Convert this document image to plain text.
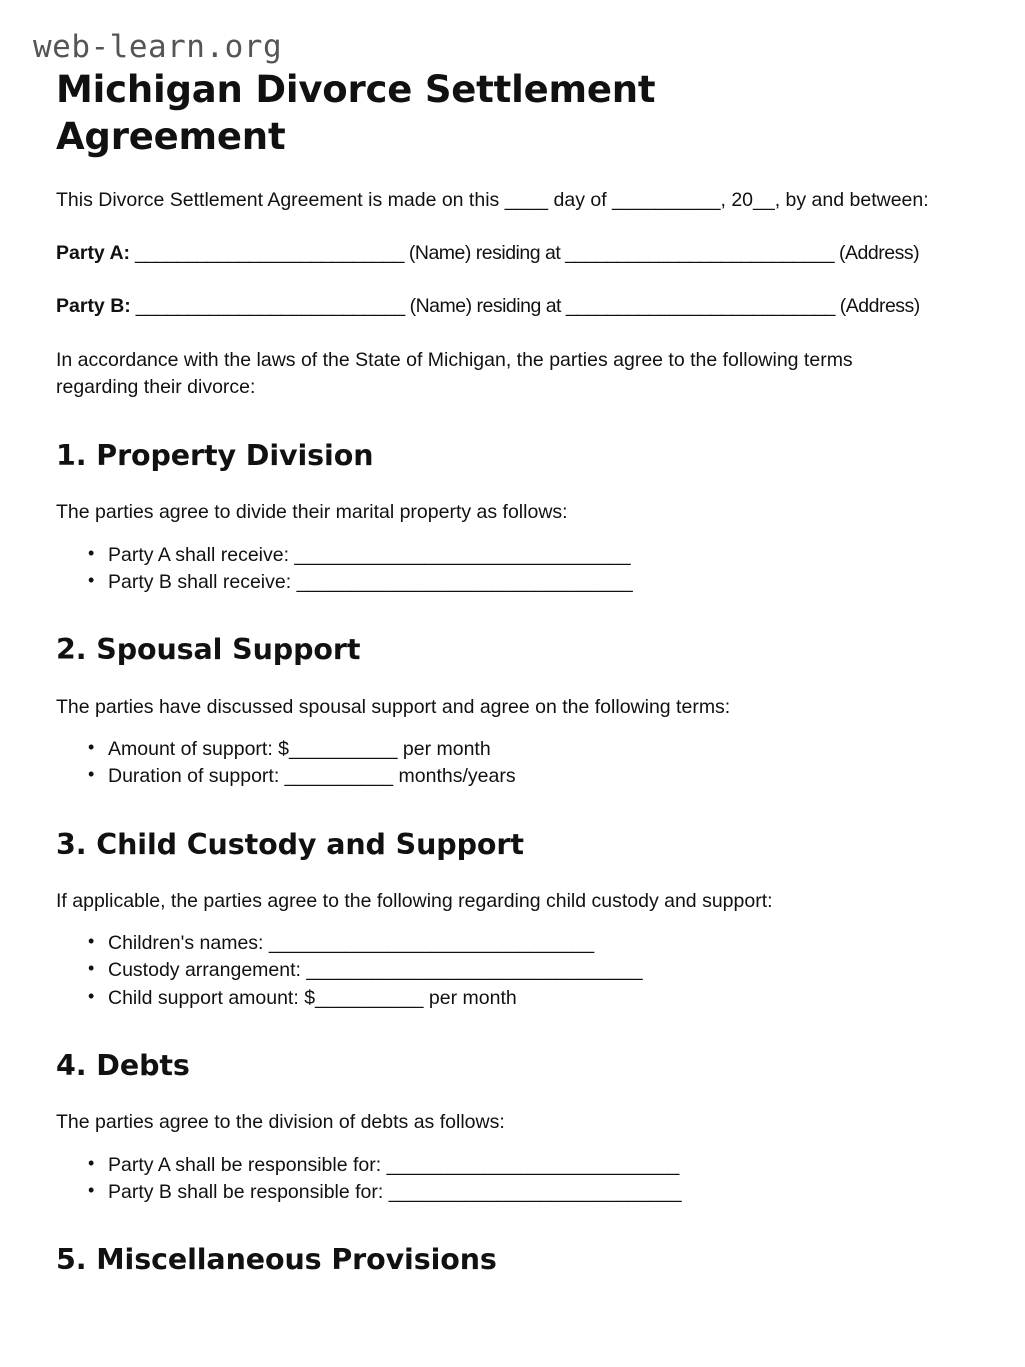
web-learn.org
Michigan Divorce Settlement Agreement

This Divorce Settlement Agreement is made on this ____ day of __________, 20__, by and between:

Party A: __________________________ (Name) residing at __________________________ (Address)

Party B: __________________________ (Name) residing at __________________________ (Address)

In accordance with the laws of the State of Michigan, the parties agree to the following terms regarding their divorce:

1. Property Division

The parties agree to divide their marital property as follows:

• Party A shall receive: _______________________________
• Party B shall receive: _______________________________
2. Spousal Support

The parties have discussed spousal support and agree on the following terms:

• Amount of support: $__________ per month
• Duration of support: __________ months/years
3. Child Custody and Support

If applicable, the parties agree to the following regarding child custody and support:

• Children's names: ______________________________
• Custody arrangement: _______________________________
• Child support amount: $__________ per month
4. Debts

The parties agree to the division of debts as follows:

• Party A shall be responsible for: ___________________________
• Party B shall be responsible for: ___________________________
5. Miscellaneous Provisions
